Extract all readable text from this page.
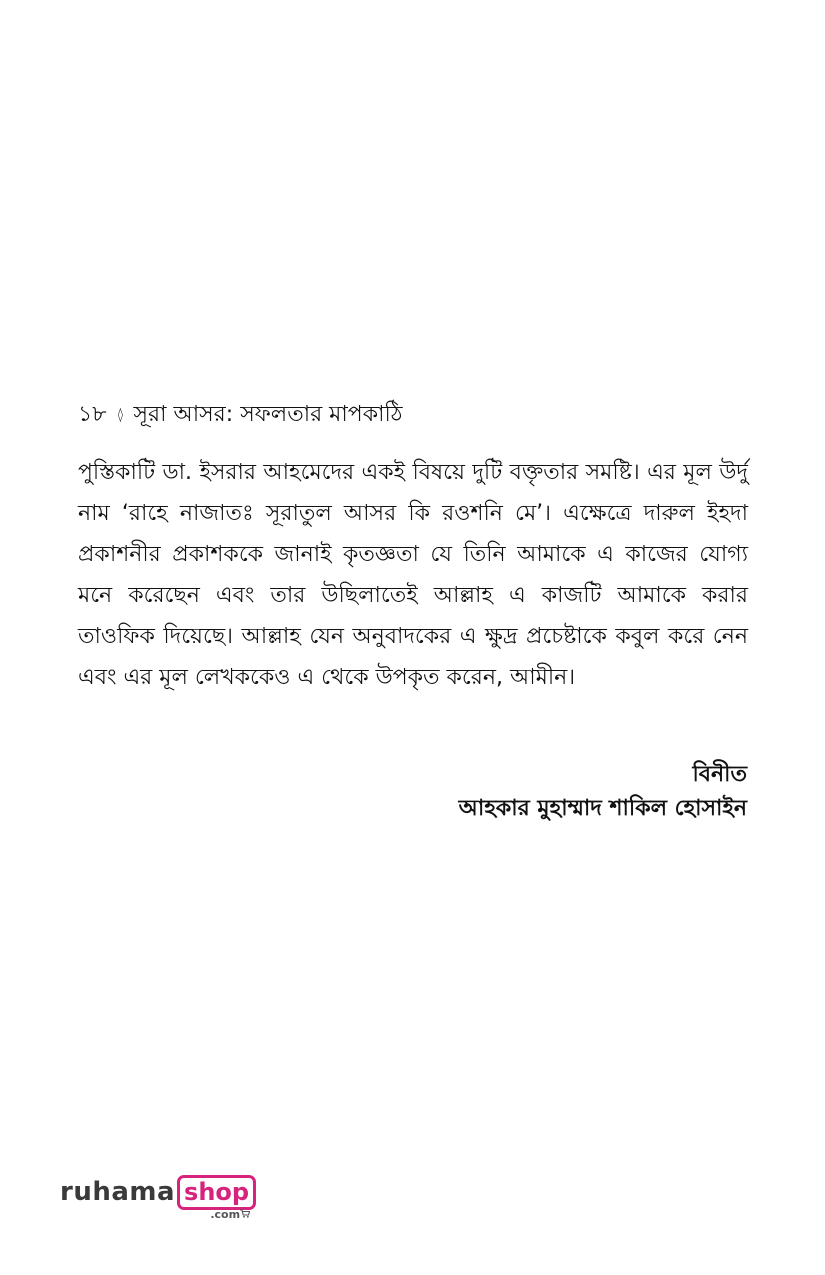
১৮ ◊ সূরা আসর: সফলতার মাপকাঠি

পুস্তিকাটি ডা. ইসরার আহমেদের একই বিষয়ে দুটি বক্তৃতার সমষ্টি। এর মূল উর্দু নাম ‘রাহে নাজাতঃ সূরাতুল আসর কি রওশনি মে’। এক্ষেত্রে দারুল ইহদা প্রকাশনীর প্রকাশককে জানাই কৃতজ্ঞতা যে তিনি আমাকে এ কাজের যোগ্য মনে করেছেন এবং তার উছিলাতেই আল্লাহ এ কাজটি আমাকে করার তাওফিক দিয়েছে। আল্লাহ যেন অনুবাদকের এ ক্ষুদ্র প্রচেষ্টাকে কবুল করে নেন এবং এর মূল লেখককেও এ থেকে উপকৃত করেন, আমীন।

বিনীত
আহকার মুহাম্মাদ শাকিল হোসাইন
ruhama shop
.com
